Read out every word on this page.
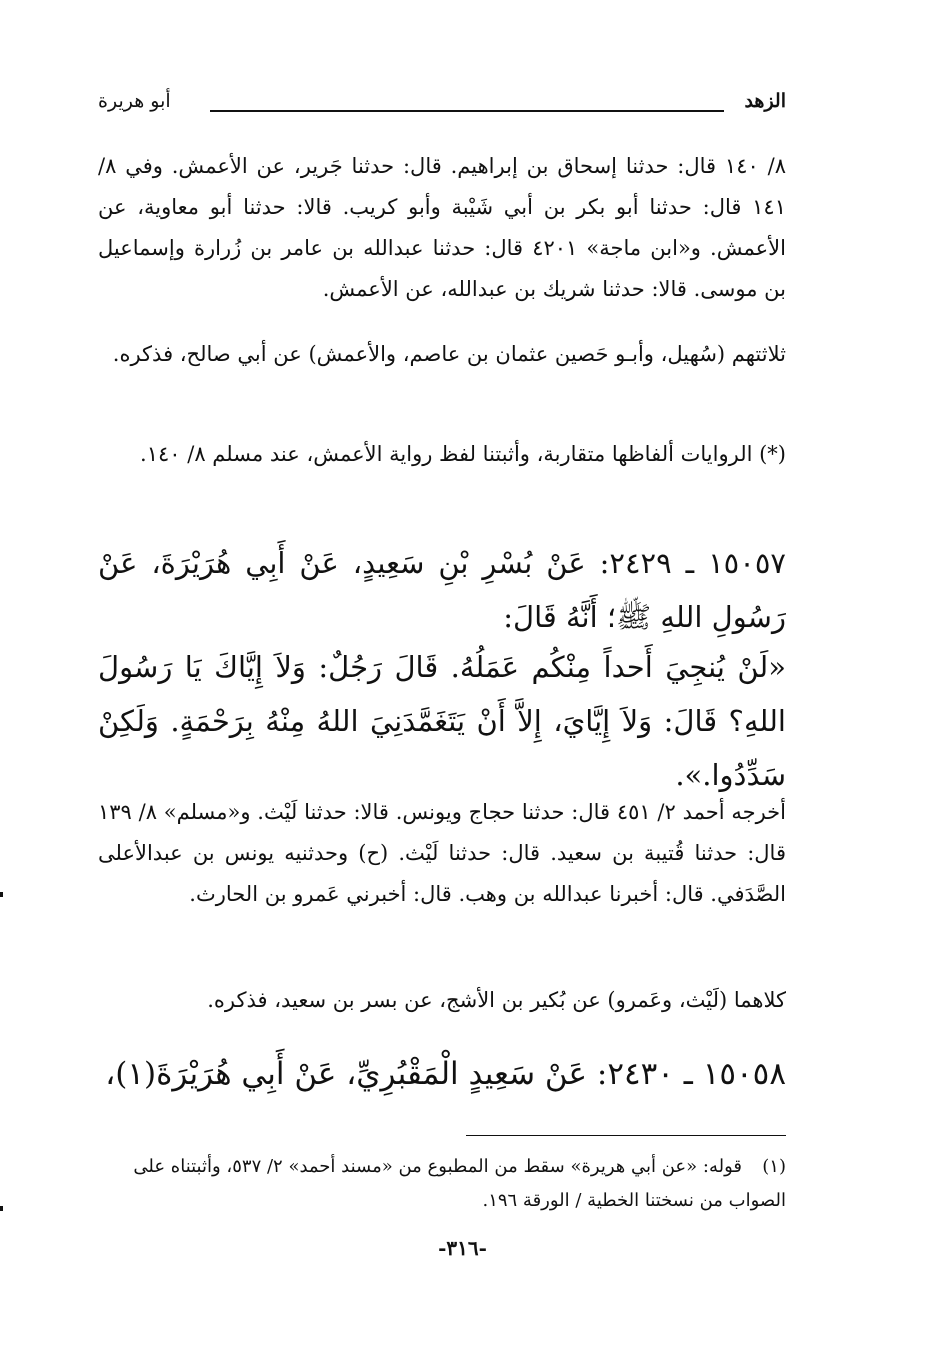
الزهد
أبو هريرة

٨/ ١٤٠ قال: حدثنا إسحاق بن إبراهيم. قال: حدثنا جَرير، عن الأعمش. وفي ٨/ ١٤١ قال: حدثنا أبو بكر بن أبي شَيْبة وأبو كريب. قالا: حدثنا أبو معاوية، عن الأعمش. و«ابن ماجة» ٤٢٠١ قال: حدثنا عبدالله بن عامر بن زُرارة وإسماعيل بن موسى. قالا: حدثنا شريك بن عبدالله، عن الأعمش.

ثلاثتهم (سُهيل، وأبـو حَصين عثمان بن عاصم، والأعمش) عن أبي صالح، فذكره.

(*) الروايات ألفاظها متقاربة، وأثبتنا لفظ رواية الأعمش، عند مسلم ٨/ ١٤٠.

١٥٠٥٧ ـ ٢٤٢٩: عَنْ بُسْرِ بْنِ سَعِيدٍ، عَنْ أَبِي هُرَيْرَةَ، عَنْ رَسُولِ اللهِ ﷺ؛ أَنَّهُ قَالَ:

«لَنْ يُنجِيَ أَحداً مِنْكُم عَمَلُهُ. قَالَ رَجُلٌ: وَلاَ إِيَّاكَ يَا رَسُولَ اللهِ؟ قَالَ: وَلاَ إِيَّايَ، إِلاَّ أَنْ يَتَغَمَّدَنِيَ اللهُ مِنْهُ بِرَحْمَةٍ. وَلَكِنْ سَدِّدُوا.».

أخرجه أحمد ٢/ ٤٥١ قال: حدثنا حجاج ويونس. قالا: حدثنا لَيْث. و«مسلم» ٨/ ١٣٩ قال: حدثنا قُتيبة بن سعيد. قال: حدثنا لَيْث. (ح) وحدثنيه يونس بن عبدالأعلى الصَّدَفي. قال: أخبرنا عبدالله بن وهب. قال: أخبرني عَمرو بن الحارث.

كلاهما (لَيْث، وعَمرو) عن بُكير بن الأشج، عن بسر بن سعيد، فذكره.

١٥٠٥٨ ـ ٢٤٣٠: عَنْ سَعِيدٍ الْمَقْبُرِيِّ، عَنْ أَبِي هُرَيْرَةَ(١)،

(١)قوله: «عن أبي هريرة» سقط من المطبوع من «مسند أحمد» ٢/ ٥٣٧، وأثبتناه على الصواب من نسختنا الخطية / الورقة ١٩٦.
-٣١٦-
